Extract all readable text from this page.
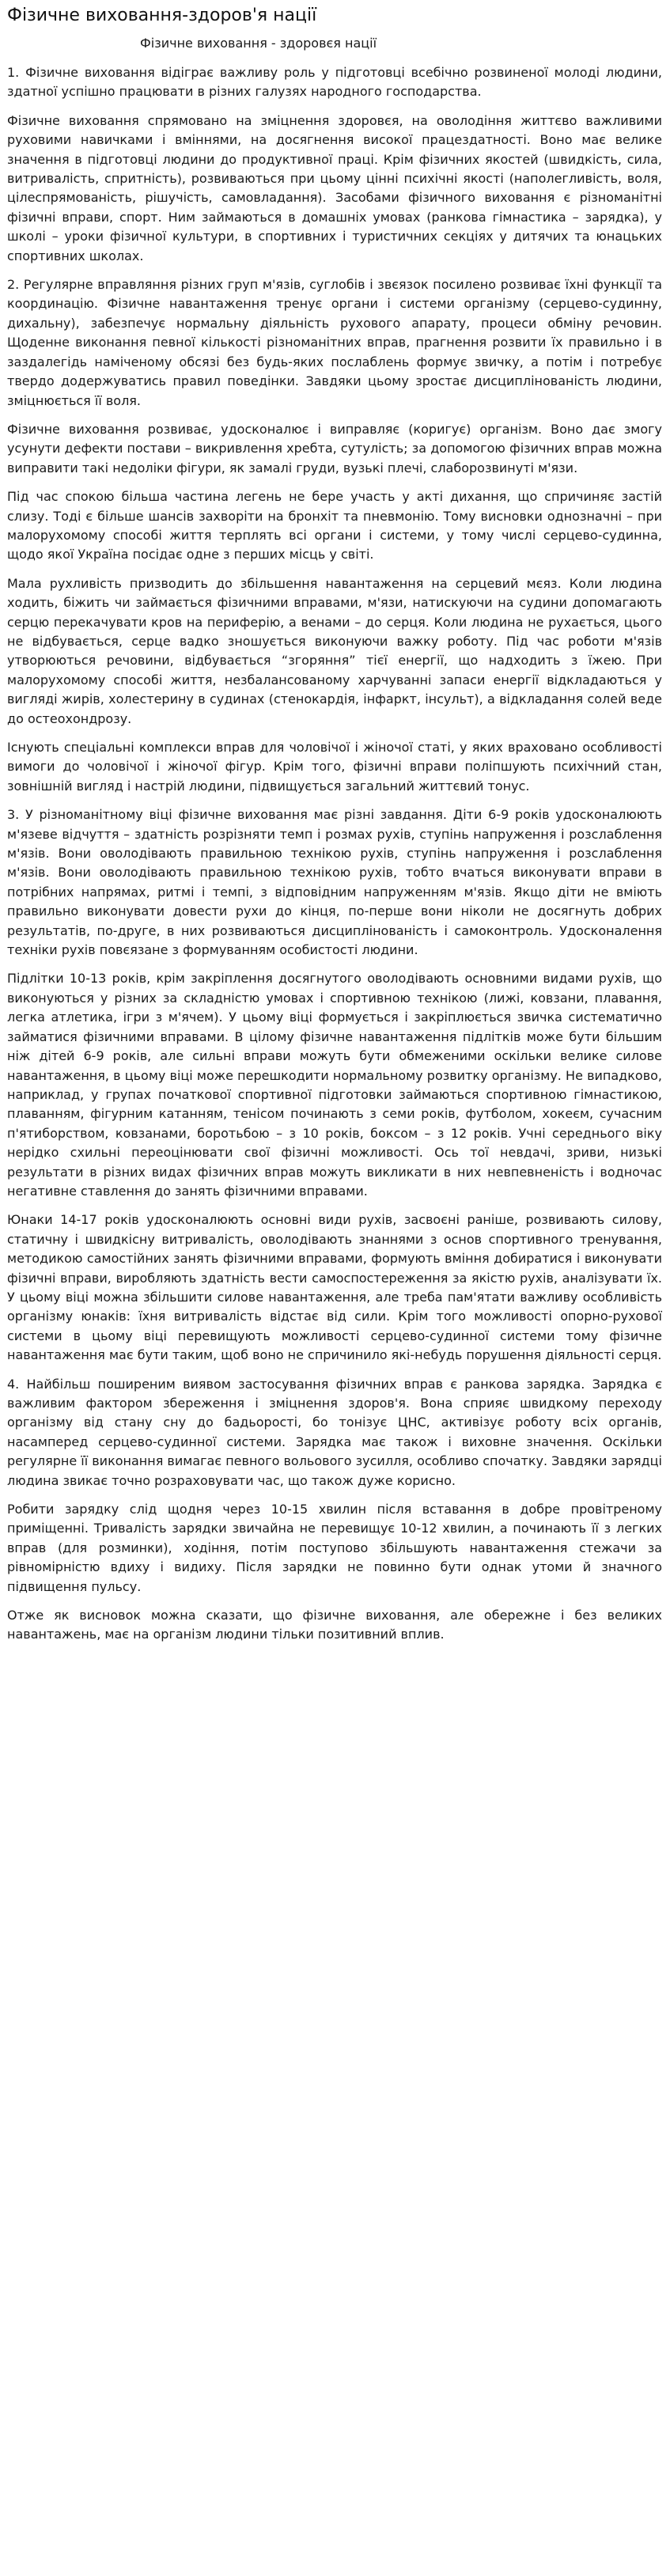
Фізичне виховання-здоров'я нації
Фізичне виховання - здоровєя нації

1. Фізичне виховання відіграє важливу роль у підготовці всебічно розвиненої молоді людини, здатної успішно працювати в різних галузях народного господарства.

Фізичне виховання спрямовано на зміцнення здоровєя, на оволодіння життєво важливими руховими навичками і вміннями, на досягнення високої працездатності. Воно має велике значення в підготовці людини до продуктивної праці. Крім фізичних якостей (швидкість, сила, витривалість, спритність), розвиваються при цьому цінні психічні якості (наполегливість, воля, цілеспрямованість, рішучість, самовладання). Засобами фізичного виховання є різноманітні фізичні вправи, спорт. Ним займаються в домашніх умовах (ранкова гімнастика – зарядка), у школі – уроки фізичної культури, в спортивних і туристичних секціях у дитячих та юнацьких спортивних школах.

2. Регулярне вправляння різних груп м'язів, суглобів і звєязок посилено розвиває їхні функції та координацію. Фізичне навантаження тренує органи і системи організму (серцево-судинну, дихальну), забезпечує нормальну діяльність рухового апарату, процеси обміну речовин. Щоденне виконання певної кількості різноманітних вправ, прагнення розвити їх правильно і в заздалегідь наміченому обсязі без будь-яких послаблень формує звичку, а потім і потребує твердо додержуватись правил поведінки. Завдяки цьому зростає дисциплінованість людини, зміцнюється її воля.

Фізичне виховання розвиває, удосконалює і виправляє (коригує) організм. Воно дає змогу усунути дефекти постави – викривлення хребта, сутулість; за допомогою фізичних вправ можна виправити такі недоліки фігури, як замалі груди, вузькі плечі, слаборозвинуті м'язи.

Під час спокою більша частина легень не бере участь у акті дихання, що спричиняє застій слизу. Тоді є більше шансів захворіти на бронхіт та пневмонію. Тому висновки однозначні – при малорухомому способі життя терплять всі органи і системи, у тому числі серцево-судинна, щодо якої Україна посідає одне з перших місць у світі.

Мала рухливість призводить до збільшення навантаження на серцевий мєяз. Коли людина ходить, біжить чи займається фізичними вправами, м'язи, натискуючи на судини допомагають серцю перекачувати кров на периферію, а венами – до серця. Коли людина не рухається, цього не відбувається, серце вадко зношується виконуючи важку роботу. Під час роботи м'язів утворюються речовини, відбувається “згоряння” тієї енергії, що надходить з їжею. При малорухомому способі життя, незбалансованому харчуванні запаси енергії відкладаються у вигляді жирів, холестерину в судинах (стенокардія, інфаркт, інсульт), а відкладання солей веде до остеохондрозу.

Існують спеціальні комплекси вправ для чоловічої і жіночої статі, у яких враховано особливості вимоги до чоловічої і жіночої фігур. Крім того, фізичні вправи поліпшують психічний стан, зовнішній вигляд і настрій людини, підвищується загальний життєвий тонус.

3. У різноманітному віці фізичне виховання має різні завдання. Діти 6-9 років удосконалюють м'язеве відчуття – здатність розрізняти темп і розмах рухів, ступінь напруження і розслаблення м'язів. Вони оволодівають правильною технікою рухів, ступінь напруження і розслаблення м'язів. Вони оволодівають правильною технікою рухів, тобто вчаться виконувати вправи в потрібних напрямах, ритмі і темпі, з відповідним напруженням м'язів. Якщо діти не вміють правильно виконувати довести рухи до кінця, по-перше вони ніколи не досягнуть добрих результатів, по-друге, в них розвиваються дисциплінованість і самоконтроль. Удосконалення техніки рухів повєязане з формуванням особистості людини.

Підлітки 10-13 років, крім закріплення досягнутого оволодівають основними видами рухів, що виконуються у різних за складністю умовах і спортивною технікою (лижі, ковзани, плавання, легка атлетика, ігри з м'ячем). У цьому віці формується і закріплюється звичка систематично займатися фізичними вправами. В цілому фізичне навантаження підлітків може бути більшим ніж дітей 6-9 років, але сильні вправи можуть бути обмеженими оскільки велике силове навантаження, в цьому віці може перешкодити нормальному розвитку організму. Не випадково, наприклад, у групах початкової спортивної підготовки займаються спортивною гімнастикою, плаванням, фігурним катанням, тенісом починають з семи років, футболом, хокеєм, сучасним п'ятиборством, ковзанами, боротьбою – з 10 років, боксом – з 12 років. Учні середнього віку нерідко схильні переоцінювати свої фізичні можливості. Ось тої невдачі, зриви, низькі результати в різних видах фізичних вправ можуть викликати в них невпевненість і водночас негативне ставлення до занять фізичними вправами.

Юнаки 14-17 років удосконалюють основні види рухів, засвоєні раніше, розвивають силову, статичну і швидкісну витривалість, оволодівають знаннями з основ спортивного тренування, методикою самостійних занять фізичними вправами, формують вміння добиратися і виконувати фізичні вправи, виробляють здатність вести самоспостереження за якістю рухів, аналізувати їх. У цьому віці можна збільшити силове навантаження, але треба пам'ятати важливу особливість організму юнаків: їхня витривалість відстає від сили. Крім того можливості опорно-рухової системи в цьому віці перевищують можливості серцево-судинної системи тому фізичне навантаження має бути таким, щоб воно не спричинило які-небудь порушення діяльності серця.

4. Найбільш поширеним виявом застосування фізичних вправ є ранкова зарядка. Зарядка є важливим фактором збереження і зміцнення здоров'я. Вона сприяє швидкому переходу організму від стану сну до бадьорості, бо тонізує ЦНС, активізує роботу всіх органів, насамперед серцево-судинної системи. Зарядка має також і виховне значення. Оскільки регулярне її виконання вимагає певного вольового зусилля, особливо спочатку. Завдяки зарядці людина звикає точно розраховувати час, що також дуже корисно.

Робити зарядку слід щодня через 10-15 хвилин після вставання в добре провітреному приміщенні. Тривалість зарядки звичайна не перевищує 10-12 хвилин, а починають її з легких вправ (для розминки), ходіння, потім поступово збільшують навантаження стежачи за рівномірністю вдиху і видиху. Після зарядки не повинно бути однак утоми й значного підвищення пульсу.

Отже як висновок можна сказати, що фізичне виховання, але обережне і без великих навантажень, має на організм людини тільки позитивний вплив.
